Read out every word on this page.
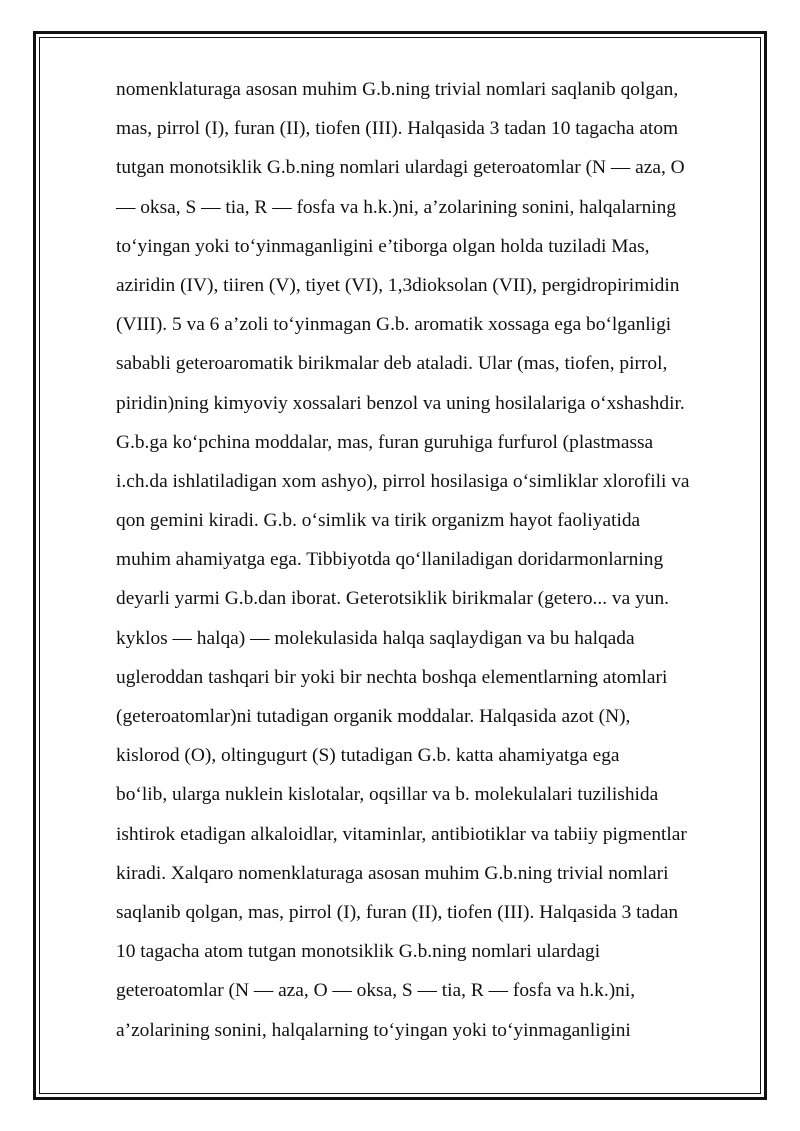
nomenklaturaga asosan muhim G.b.ning trivial nomlari saqlanib qolgan,
mas, pirrol (I), furan (II), tiofen (III). Halqasida 3 tadan 10 tagacha atom
tutgan monotsiklik G.b.ning nomlari ulardagi geteroatomlar (N — aza, O
— oksa, S — tia, R — fosfa va h.k.)ni, a’zolarining sonini, halqalarning
to‘yingan yoki to‘yinmaganligini e’tiborga olgan holda tuziladi Mas,
aziridin (IV), tiiren (V), tiyet (VI), 1,3dioksolan (VII), pergidropirimidin
(VIII). 5 va 6 a’zoli to‘yinmagan G.b. aromatik xossaga ega bo‘lganligi
sababli geteroaromatik birikmalar deb ataladi. Ular (mas, tiofen, pirrol,
piridin)ning kimyoviy xossalari benzol va uning hosilalariga o‘xshashdir.
G.b.ga ko‘pchina moddalar, mas, furan guruhiga furfurol (plastmassa
i.ch.da ishlatiladigan xom ashyo), pirrol hosilasiga o‘simliklar xlorofili va
qon gemini kiradi. G.b. o‘simlik va tirik organizm hayot faoliyatida
muhim ahamiyatga ega. Tibbiyotda qo‘llaniladigan doridarmonlarning
deyarli yarmi G.b.dan iborat. Geterotsiklik birikmalar (getero... va yun.
kyklos — halqa) — molekulasida halqa saqlaydigan va bu halqada
ugleroddan tashqari bir yoki bir nechta boshqa elementlarning atomlari
(geteroatomlar)ni tutadigan organik moddalar. Halqasida azot (N),
kislorod (O), oltingugurt (S) tutadigan G.b. katta ahamiyatga ega
bo‘lib, ularga nuklein kislotalar, oqsillar va b. molekulalari tuzilishida
ishtirok etadigan alkaloidlar, vitaminlar, antibiotiklar va tabiiy pigmentlar
kiradi. Xalqaro nomenklaturaga asosan muhim G.b.ning trivial nomlari
saqlanib qolgan, mas, pirrol (I), furan (II), tiofen (III). Halqasida 3 tadan
10 tagacha atom tutgan monotsiklik G.b.ning nomlari ulardagi
geteroatomlar (N — aza, O — oksa, S — tia, R — fosfa va h.k.)ni,
a’zolarining sonini, halqalarning to‘yingan yoki to‘yinmaganligini
